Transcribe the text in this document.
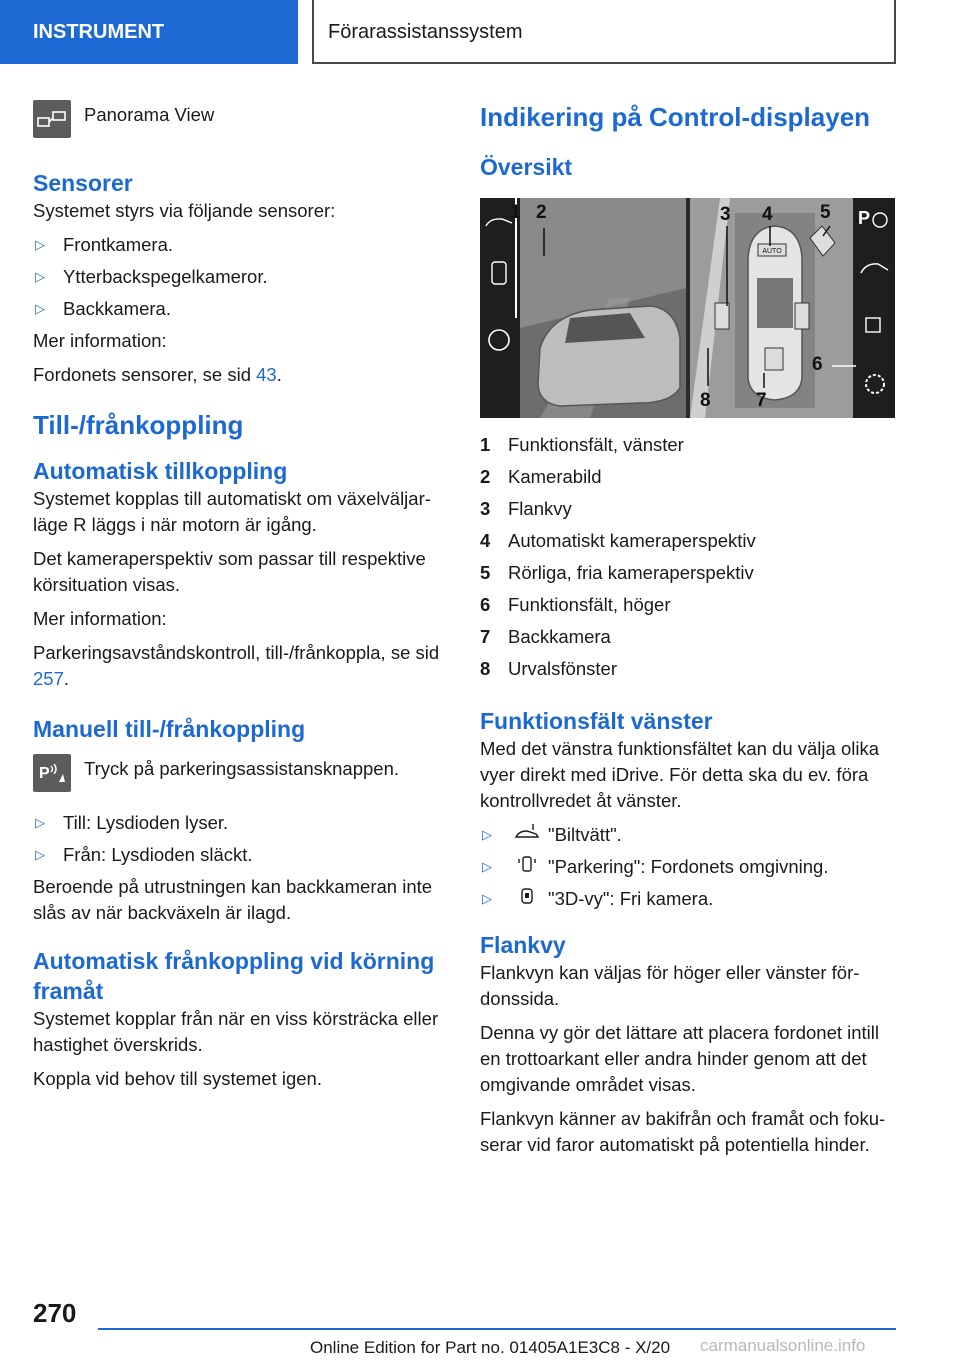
INSTRUMENT	Förarassistanssystem
Panorama View
Sensorer

Systemet styrs via följande sensorer:

▷ Frontkamera.
▷ Ytterbackspegelkameror.
▷ Backkamera.

Mer information:

Fordonets sensorer, se sid 43.

Till-/frånkoppling
Automatisk tillkoppling

Systemet kopplas till automatiskt om växelväljar-läge R läggs i när motorn är igång.

Det kameraperspektiv som passar till respektive körsituation visas.

Mer information:

Parkeringsavståndskontroll, till-/frånkoppla, se sid 257.

Manuell till-/frånkoppling
P Tryck på parkeringsassistansknappen.
▷ Till: Lysdioden lyser.
▷ Från: Lysdioden släckt.

Beroende på utrustningen kan backkameran inte slås av när backväxeln är ilagd.

Automatisk frånkoppling vid körning framåt

Systemet kopplar från när en viss körsträcka eller hastighet överskrids.

Koppla vid behov till systemet igen.

Indikering på Control-displayen
Översikt
AUTO
P
1 2	3 4 5
6
7
8
1 Funktionsfält, vänster
2 Kamerabild
3 Flankvy
4 Automatiskt kameraperspektiv
5 Rörliga, fria kameraperspektiv
6 Funktionsfält, höger
7 Backkamera
8 Urvalsfönster
Funktionsfält vänster

Med det vänstra funktionsfältet kan du välja olika vyer direkt med iDrive. För detta ska du ev. föra kontrollvredet åt vänster.

▷	"Biltvätt".
▷	"Parkering": Fordonets omgivning.
▷	"3D-vy": Fri kamera.
Flankvy

Flankvyn kan väljas för höger eller vänster för-donssida.

Denna vy gör det lättare att placera fordonet intill en trottoarkant eller andra hinder genom att det omgivande området visas.

Flankvyn känner av bakifrån och framåt och foku-serar vid faror automatiskt på potentiella hinder.

270
Online Edition for Part no. 01405A1E3C8 - X/20 carmanualsonline.info
